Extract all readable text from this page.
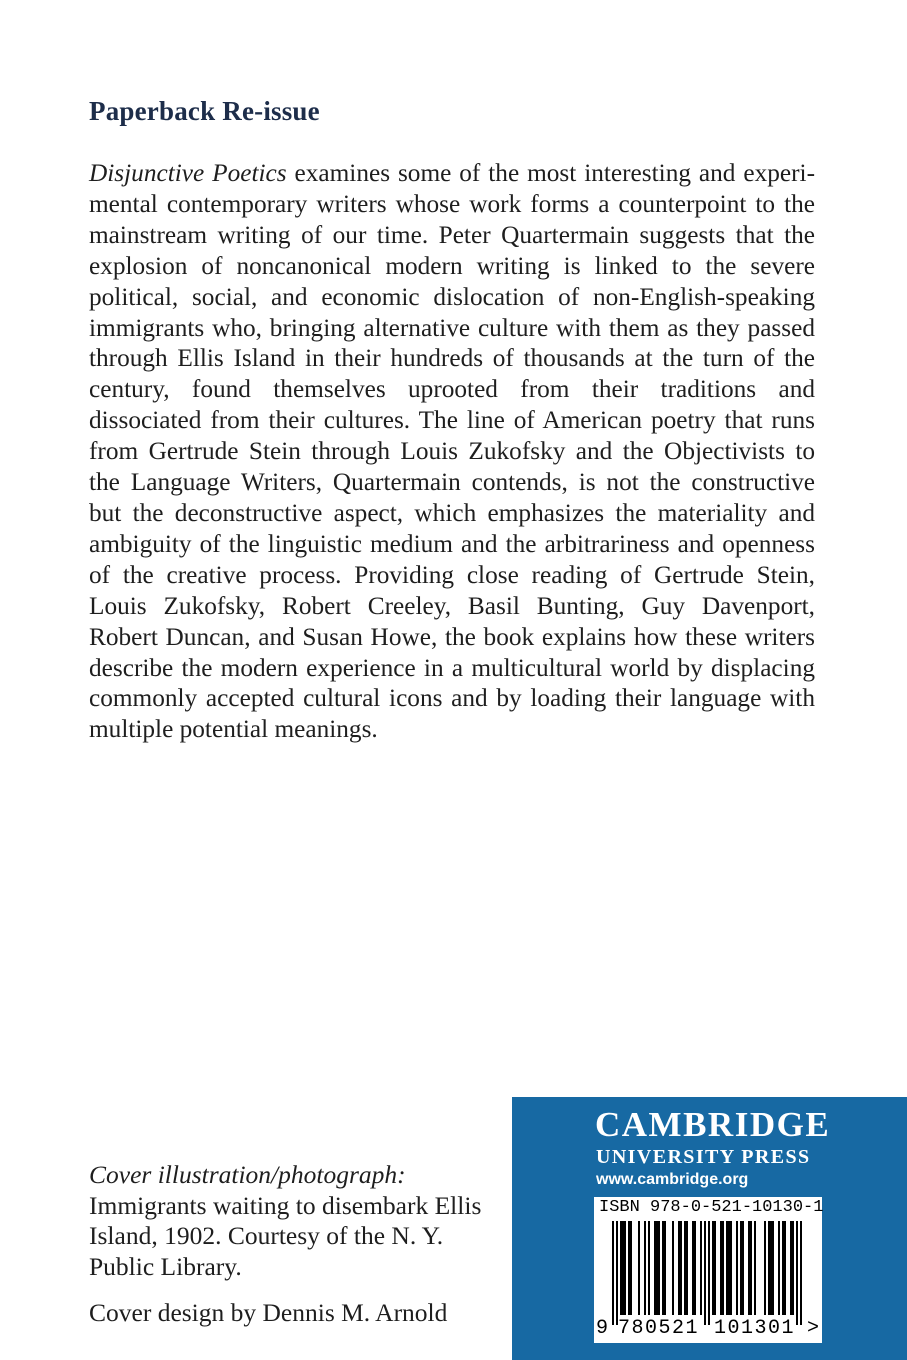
Paperback Re-issue

Disjunctive Poetics examines some of the most interesting and experimental contemporary writers whose work forms a counterpoint to the mainstream writing of our time. Peter Quartermain suggests that the explosion of noncanonical modern writing is linked to the severe political, social, and economic dislocation of non-English-speaking immigrants who, bringing alternative culture with them as they passed through Ellis Island in their hundreds of thousands at the turn of the century, found themselves uprooted from their traditions and dissociated from their cultures. The line of American poetry that runs from Gertrude Stein through Louis Zukofsky and the Objectivists to the Language Writers, Quartermain contends, is not the constructive but the deconstructive aspect, which emphasizes the materiality and ambiguity of the linguistic medium and the arbitrariness and openness of the creative process. Providing close reading of Gertrude Stein, Louis Zukofsky, Robert Creeley, Basil Bunting, Guy Davenport, Robert Duncan, and Susan Howe, the book explains how these writers describe the modern experience in a multicultural world by displacing commonly accepted cultural icons and by loading their language with multiple potential meanings.

Cover illustration/photograph: Immigrants waiting to disembark Ellis Island, 1902. Courtesy of the N. Y. Public Library.

Cover design by Dennis M. Arnold

CAMBRIDGE
UNIVERSITY PRESS
www.cambridge.org
ISBN 978-0-521-10130-1
9 780521 101301 >
